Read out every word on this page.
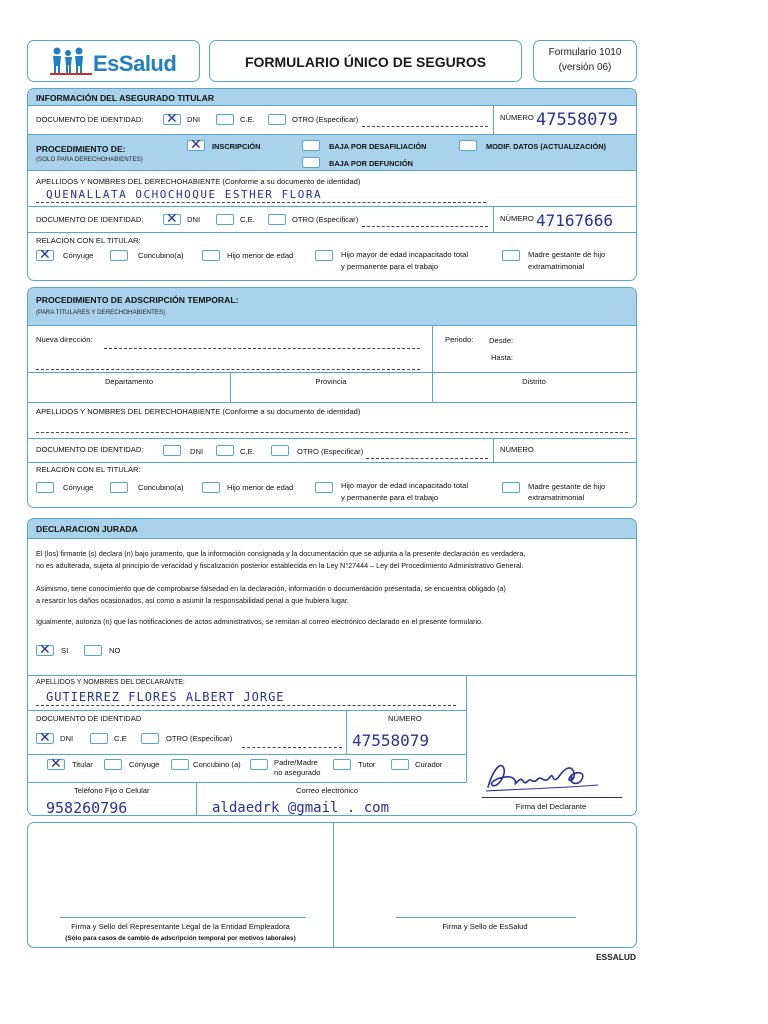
EsSalud	FORMULARIO ÚNICO DE SEGUROS
Formulario 1010
(versión 06)
INFORMACIÓN DEL ASEGURADO TITULAR
DOCUMENTO DE IDENTIDAD: ✕	DNI	C.E.	OTRO (Especificar)	NÚMERO 47558079
PROCEDIMIENTO DE:
(SOLO PARA DERECHOHABIENTES)
✕
INSCRIPCIÓN	BAJA POR DESAFILIACIÓN	MODIF. DATOS (ACTUALIZACIÓN)
BAJA POR DEFUNCIÓN
APELLIDOS Y NOMBRES DEL DERECHOHABIENTE (Conforme a su documento de identidad)
QUENALLATA OCHOCHOQUE ESTHER FLORA
DOCUMENTO DE IDENTIDAD: ✕	DNI	C.E.	OTRO (Especificar)	NÚMERO 47167666
RELACIÓN CON EL TITULAR:
✕
Cónyuge	Concubino(a)	Hijo menor de edad	Hijo mayor de edad incapacitado total
y permanente para el trabajo
Madre gestante de hijo
extramatrimonial
PROCEDIMIENTO DE ADSCRIPCIÓN TEMPORAL:
(PARA TITULARES Y DERECHOHABIENTES)
Nueva dirección:	Periodo: Desde:
Hasta:
Departamento	Provincia	Distrito
APELLIDOS Y NOMBRES DEL DERECHOHABIENTE (Conforme a su documento de identidad)
DOCUMENTO DE IDENTIDAD:	DNI	C.E.	OTRO (Especificar)	NÚMERO
RELACIÓN CON EL TITULAR:
Cónyuge	Concubino(a)	Hijo menor de edad	Hijo mayor de edad incapacitado total
y permanente para el trabajo
Madre gestante de hijo
extramatrimonial
DECLARACION JURADA
El (los) firmante (s) declara (n) bajo juramento, que la información consignada y la documentación que se adjunta a la presente declaración es verdadera,
no es adulterada, sujeta al principio de veracidad y fiscalización posterior establecida en la Ley N°27444 – Ley del Procedimiento Administrativo General.
Asimismo, tiene conocimiento que de comprobarse falsedad en la declaración, información o documentación presentada, se encuentra obligado (a)
a resarcir los daños ocasionados, así como a asumir la responsabilidad penal a que hubiera lugar.
Igualmente, autoriza (n) que las notificaciones de actos administrativos, se remitan al correo electrónico declarado en el presente formulario.
✕
SI	NO
APELLIDOS Y NOMBRES DEL DECLARANTE:
GUTIERREZ FLORES ALBERT JORGE
DOCUMENTO DE IDENTIDAD	NÚMERO
✕
DNI	C.E	OTRO (Especificar)	47558079
✕
Titular	Cónyuge	Concubino (a)	Padre/Madre
no asegurado
Tutor	Curador
Teléfono Fijo o Celular
958260796
Correo electrónico
aldaedrk @gmail . com	Firma del Declarante
Firma y Sello del Representante Legal de la Entidad Empleadora
(Sólo para casos de cambio de adscripción temporal por motivos laborales)
Firma y Sello de EsSalud
ESSALUD
